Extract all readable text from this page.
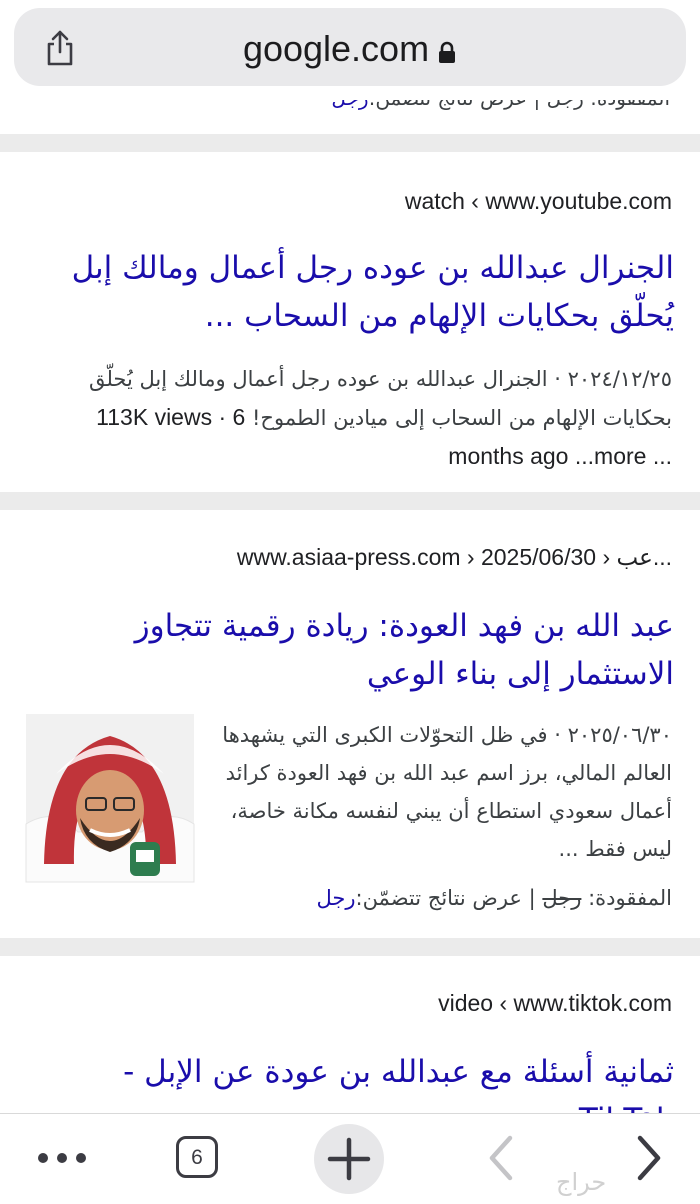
google.com
watch ‹ www.youtube.com
الجنرال عبدالله بن عوده رجل أعمال ومالك إبل يُحلّق بحكايات الإلهام من السحاب ...
٢٠٢٤/١٢/٢٥ · الجنرال عبدالله بن عوده رجل أعمال ومالك إبل يُحلّق
بحكايات الإلهام من السحاب إلى ميادين الطموح! 113K views · 6
... months ago ...more
www.asiaa-press.com › 2025/06/30 › عب...
عبد الله بن فهد العودة: ريادة رقمية تتجاوز الاستثمار إلى بناء الوعي
٢٠٢٥/٠٦/٣٠ · في ظل التحوّلات الكبرى التي يشهدها العالم المالي، برز اسم عبد الله بن فهد العودة كرائد أعمال سعودي استطاع أن يبني لنفسه مكانة خاصة، ليس فقط ...
المفقودة: رجل | عرض نتائج تتضمّن:رجل
video ‹ www.tiktok.com
ثمانية أسئلة مع عبدالله بن عودة عن الإبل -
6
حراج
